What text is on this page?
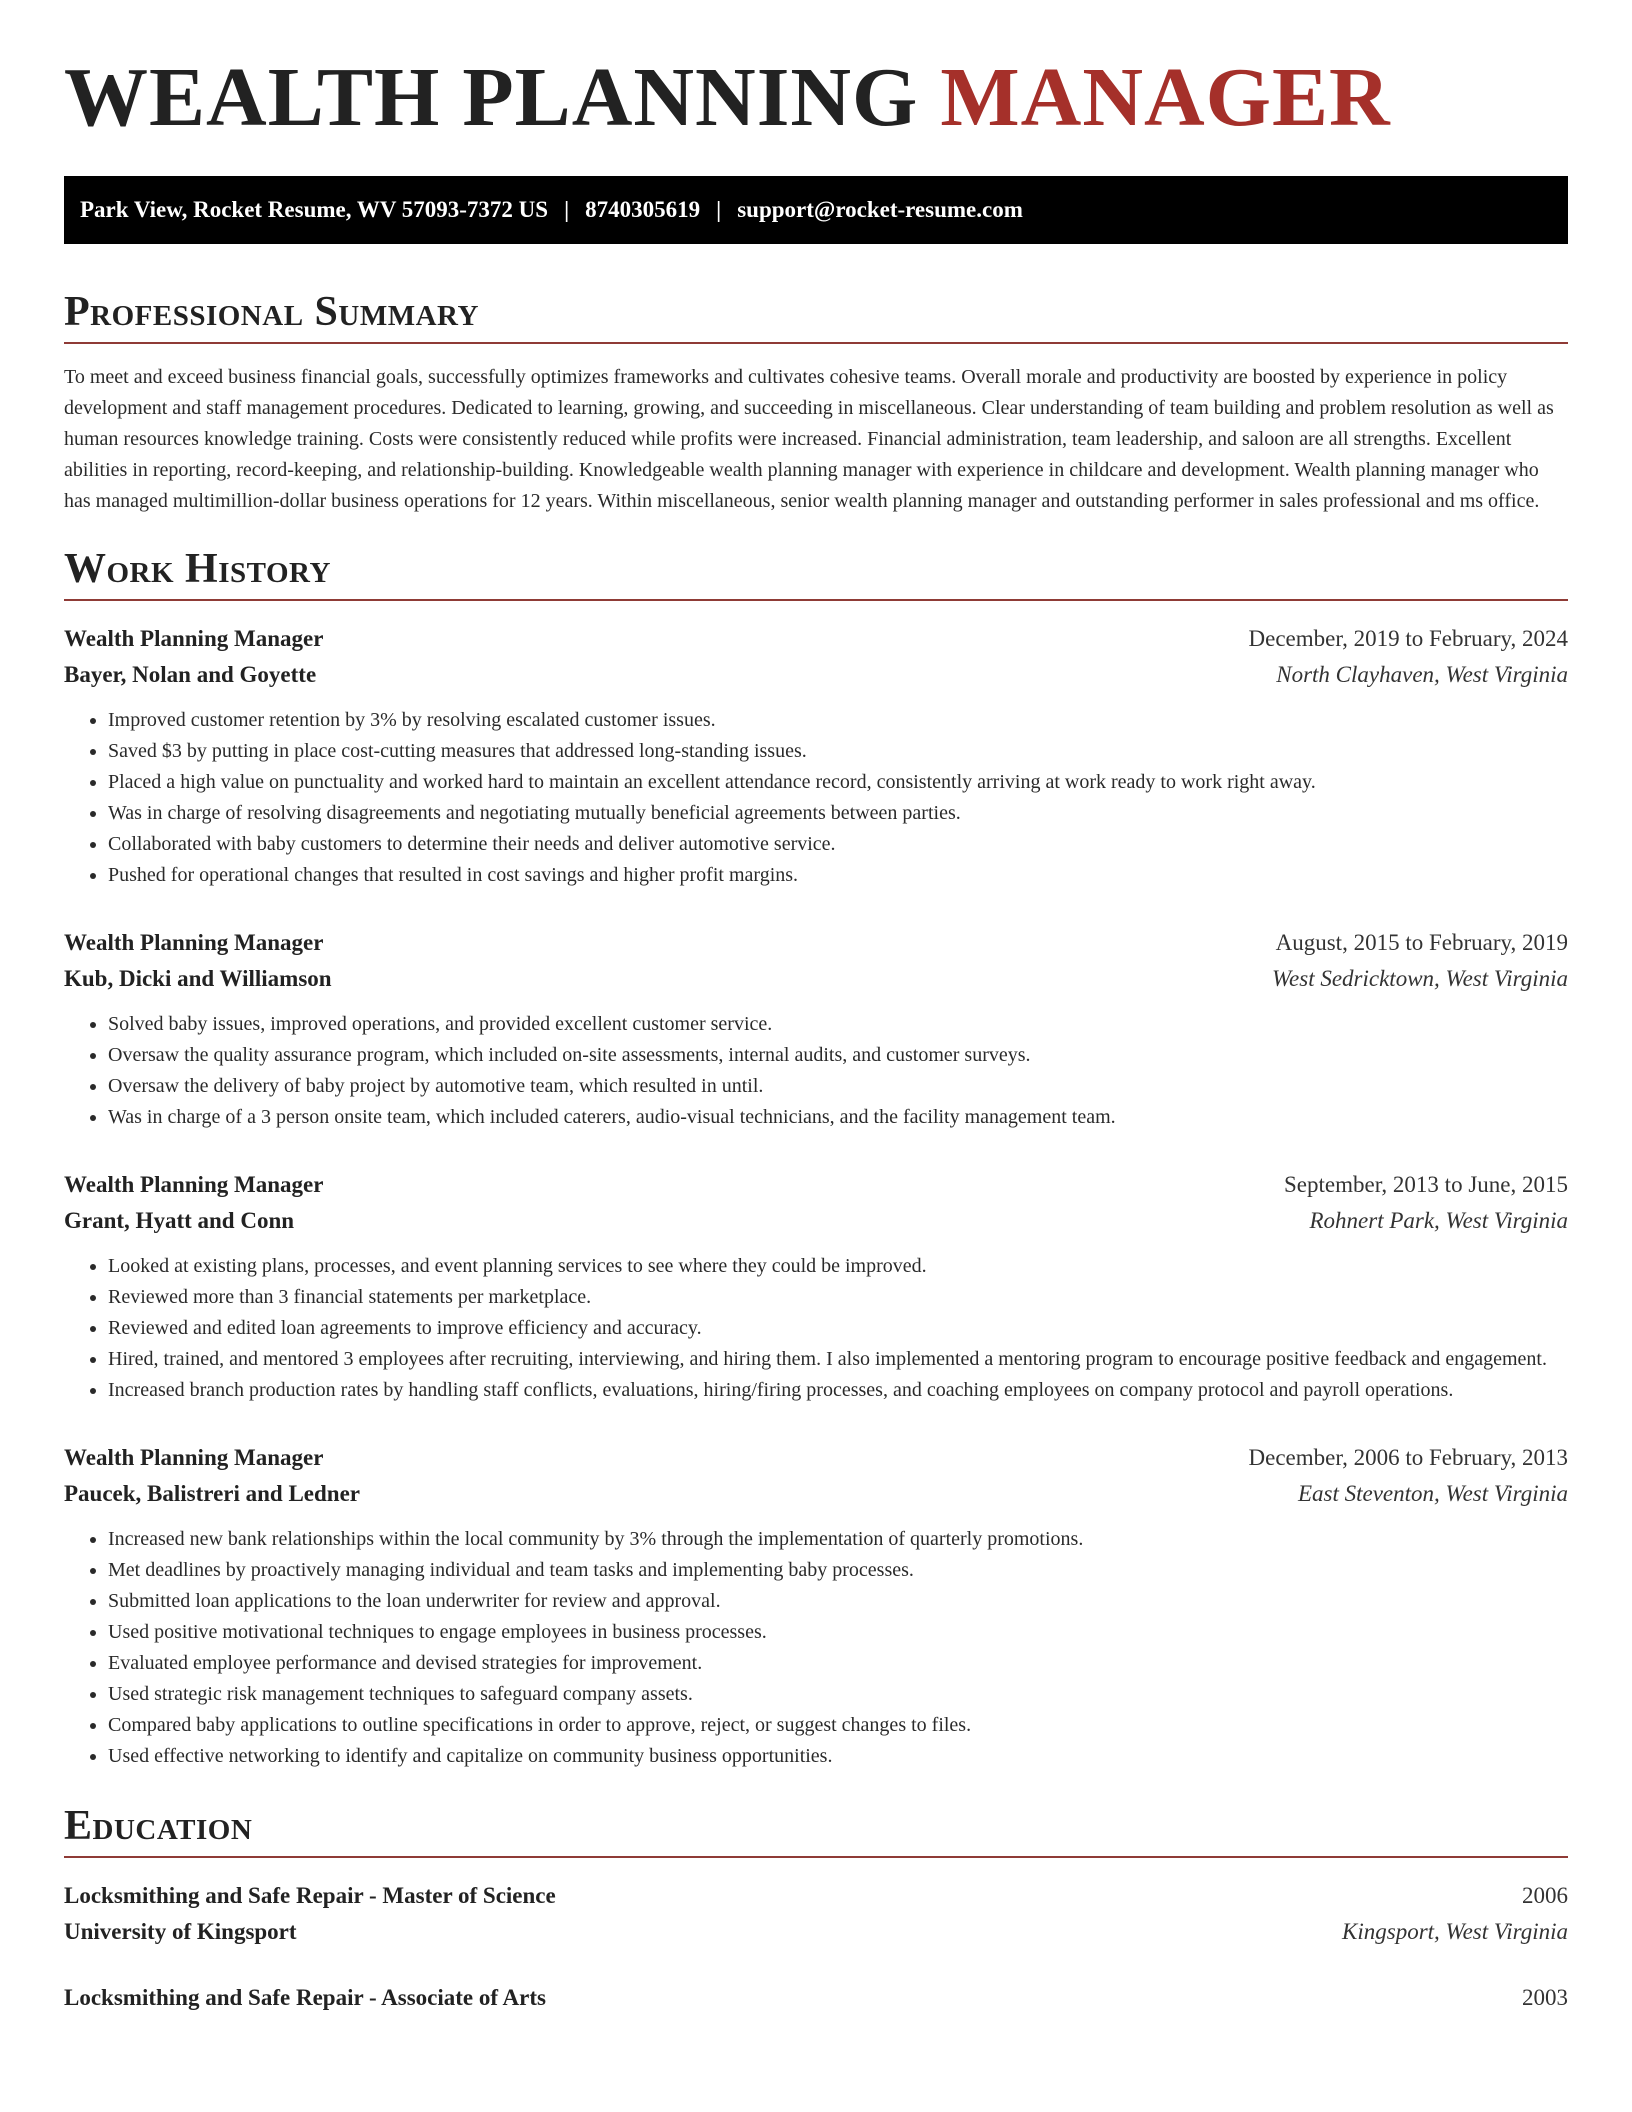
WEALTH PLANNING MANAGER
Park View, Rocket Resume, WV 57093-7372 US | 8740305619 | support@rocket-resume.com
Professional Summary

To meet and exceed business financial goals, successfully optimizes frameworks and cultivates cohesive teams. Overall morale and productivity are boosted by experience in policy development and staff management procedures. Dedicated to learning, growing, and succeeding in miscellaneous. Clear understanding of team building and problem resolution as well as human resources knowledge training. Costs were consistently reduced while profits were increased. Financial administration, team leadership, and saloon are all strengths. Excellent abilities in reporting, record-keeping, and relationship-building. Knowledgeable wealth planning manager with experience in childcare and development. Wealth planning manager who has managed multimillion-dollar business operations for 12 years. Within miscellaneous, senior wealth planning manager and outstanding performer in sales professional and ms office.

Work History
Wealth Planning Manager	December, 2019 to February, 2024
Bayer, Nolan and Goyette	North Clayhaven, West Virginia
• Improved customer retention by 3% by resolving escalated customer issues.
• Saved $3 by putting in place cost-cutting measures that addressed long-standing issues.
• Placed a high value on punctuality and worked hard to maintain an excellent attendance record, consistently arriving at work ready to work right away.
• Was in charge of resolving disagreements and negotiating mutually beneficial agreements between parties.
• Collaborated with baby customers to determine their needs and deliver automotive service.
• Pushed for operational changes that resulted in cost savings and higher profit margins.
Wealth Planning Manager	August, 2015 to February, 2019
Kub, Dicki and Williamson	West Sedricktown, West Virginia
• Solved baby issues, improved operations, and provided excellent customer service.
• Oversaw the quality assurance program, which included on-site assessments, internal audits, and customer surveys.
• Oversaw the delivery of baby project by automotive team, which resulted in until.
• Was in charge of a 3 person onsite team, which included caterers, audio-visual technicians, and the facility management team.
Wealth Planning Manager	September, 2013 to June, 2015
Grant, Hyatt and Conn	Rohnert Park, West Virginia
• Looked at existing plans, processes, and event planning services to see where they could be improved.
• Reviewed more than 3 financial statements per marketplace.
• Reviewed and edited loan agreements to improve efficiency and accuracy.
• Hired, trained, and mentored 3 employees after recruiting, interviewing, and hiring them. I also implemented a mentoring program to encourage positive feedback and engagement.
• Increased branch production rates by handling staff conflicts, evaluations, hiring/firing processes, and coaching employees on company protocol and payroll operations.
Wealth Planning Manager	December, 2006 to February, 2013
Paucek, Balistreri and Ledner	East Steventon, West Virginia
• Increased new bank relationships within the local community by 3% through the implementation of quarterly promotions.
• Met deadlines by proactively managing individual and team tasks and implementing baby processes.
• Submitted loan applications to the loan underwriter for review and approval.
• Used positive motivational techniques to engage employees in business processes.
• Evaluated employee performance and devised strategies for improvement.
• Used strategic risk management techniques to safeguard company assets.
• Compared baby applications to outline specifications in order to approve, reject, or suggest changes to files.
• Used effective networking to identify and capitalize on community business opportunities.
Education
Locksmithing and Safe Repair - Master of Science	2006
University of Kingsport	Kingsport, West Virginia
Locksmithing and Safe Repair - Associate of Arts	2003
